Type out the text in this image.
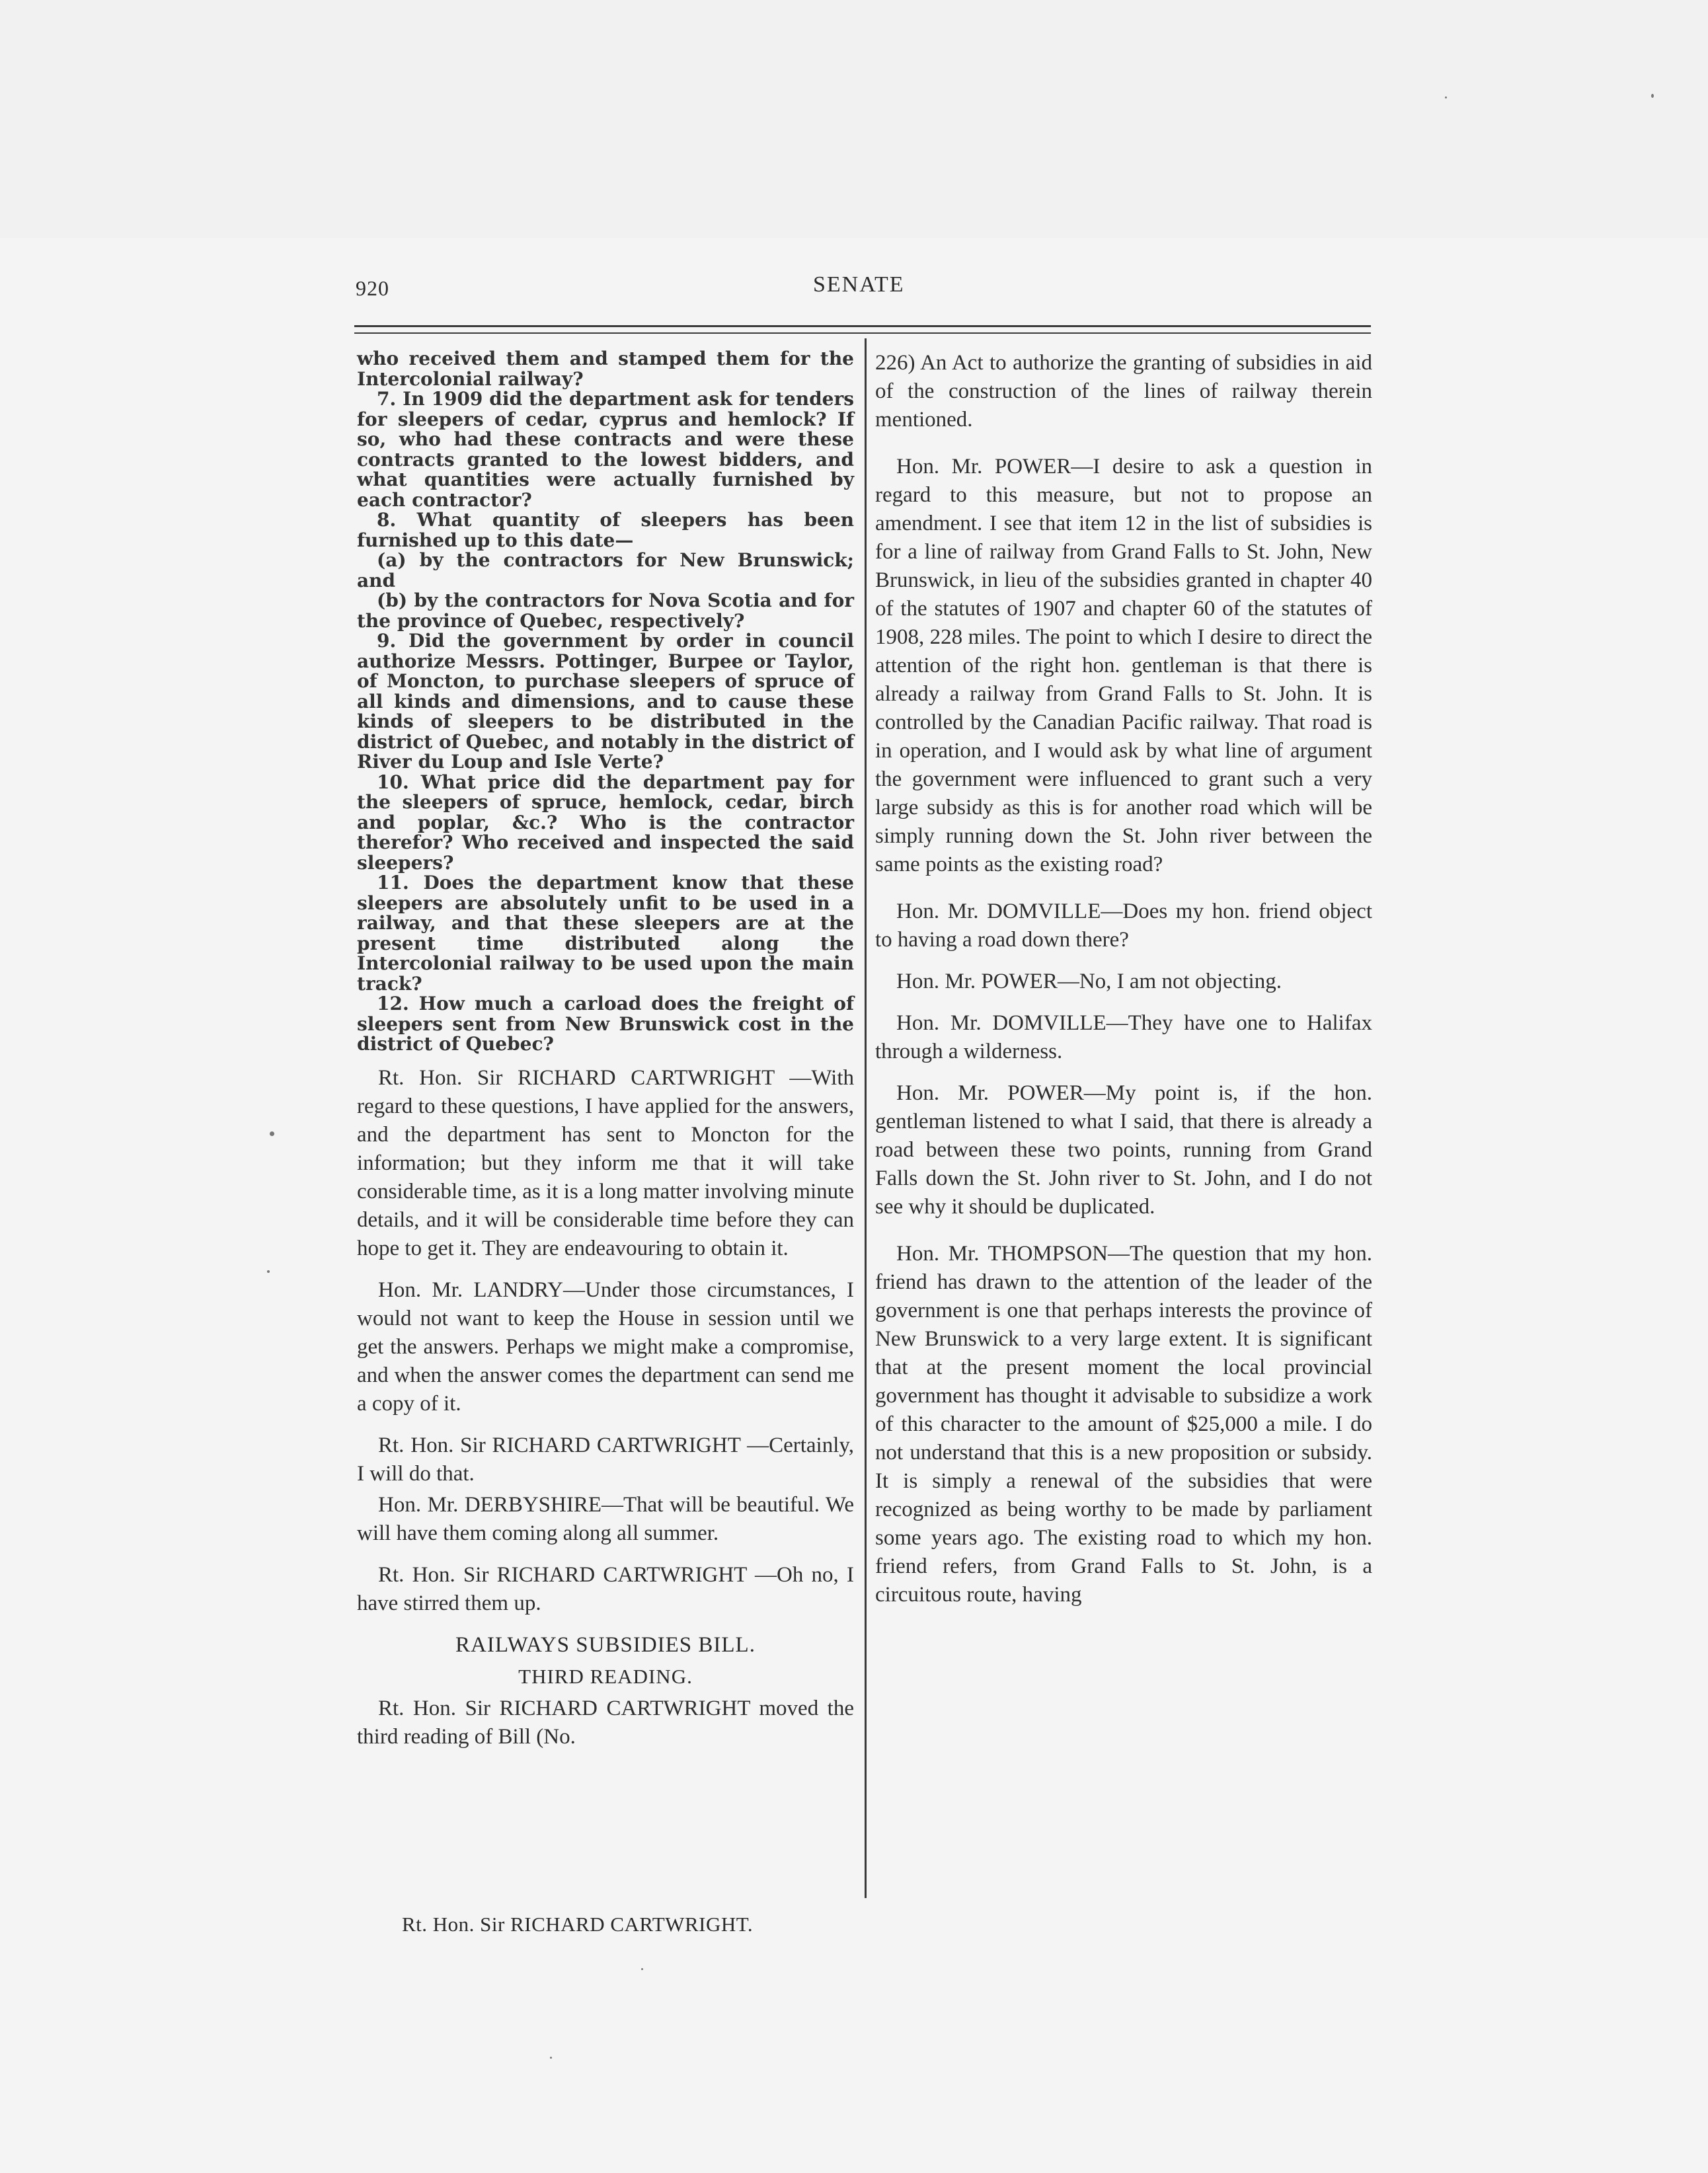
920	SENATE

who received them and stamped them for the Intercolonial railway?

7. In 1909 did the department ask for tenders for sleepers of cedar, cyprus and hemlock? If so, who had these contracts and were these contracts granted to the lowest bidders, and what quantities were actually furnished by each contractor?

8. What quantity of sleepers has been furnished up to this date—

(a) by the contractors for New Brunswick; and

(b) by the contractors for Nova Scotia and for the province of Quebec, respectively?

9. Did the government by order in council authorize Messrs. Pottinger, Burpee or Taylor, of Moncton, to purchase sleepers of spruce of all kinds and dimensions, and to cause these kinds of sleepers to be distributed in the district of Quebec, and notably in the district of River du Loup and Isle Verte?

10. What price did the department pay for the sleepers of spruce, hemlock, cedar, birch and poplar, &c.? Who is the contractor therefor? Who received and inspected the said sleepers?

11. Does the department know that these sleepers are absolutely unfit to be used in a railway, and that these sleepers are at the present time distributed along the Intercolonial railway to be used upon the main track?

12. How much a carload does the freight of sleepers sent from New Brunswick cost in the district of Quebec?

Rt. Hon. Sir RICHARD CARTWRIGHT —With regard to these questions, I have applied for the answers, and the department has sent to Moncton for the information; but they inform me that it will take considerable time, as it is a long matter involving minute details, and it will be considerable time before they can hope to get it. They are endeavouring to obtain it.

Hon. Mr. LANDRY—Under those circumstances, I would not want to keep the House in session until we get the answers. Perhaps we might make a compromise, and when the answer comes the department can send me a copy of it.

Rt. Hon. Sir RICHARD CARTWRIGHT —Certainly, I will do that.

Hon. Mr. DERBYSHIRE—That will be beautiful. We will have them coming along all summer.

Rt. Hon. Sir RICHARD CARTWRIGHT —Oh no, I have stirred them up.

RAILWAYS SUBSIDIES BILL.
THIRD READING.

Rt. Hon. Sir RICHARD CARTWRIGHT moved the third reading of Bill (No.

226) An Act to authorize the granting of subsidies in aid of the construction of the lines of railway therein mentioned.

Hon. Mr. POWER—I desire to ask a question in regard to this measure, but not to propose an amendment. I see that item 12 in the list of subsidies is for a line of railway from Grand Falls to St. John, New Brunswick, in lieu of the subsidies granted in chapter 40 of the statutes of 1907 and chapter 60 of the statutes of 1908, 228 miles. The point to which I desire to direct the attention of the right hon. gentleman is that there is already a railway from Grand Falls to St. John. It is controlled by the Canadian Pacific railway. That road is in operation, and I would ask by what line of argument the government were influenced to grant such a very large subsidy as this is for another road which will be simply running down the St. John river between the same points as the existing road?

Hon. Mr. DOMVILLE—Does my hon. friend object to having a road down there?

Hon. Mr. POWER—No, I am not objecting.

Hon. Mr. DOMVILLE—They have one to Halifax through a wilderness.

Hon. Mr. POWER—My point is, if the hon. gentleman listened to what I said, that there is already a road between these two points, running from Grand Falls down the St. John river to St. John, and I do not see why it should be duplicated.

Hon. Mr. THOMPSON—The question that my hon. friend has drawn to the attention of the leader of the government is one that perhaps interests the province of New Brunswick to a very large extent. It is significant that at the present moment the local provincial government has thought it advisable to subsidize a work of this character to the amount of $25,000 a mile. I do not understand that this is a new proposition or subsidy. It is simply a renewal of the subsidies that were recognized as being worthy to be made by parliament some years ago. The existing road to which my hon. friend refers, from Grand Falls to St. John, is a circuitous route, having

Rt. Hon. Sir RICHARD CARTWRIGHT.
